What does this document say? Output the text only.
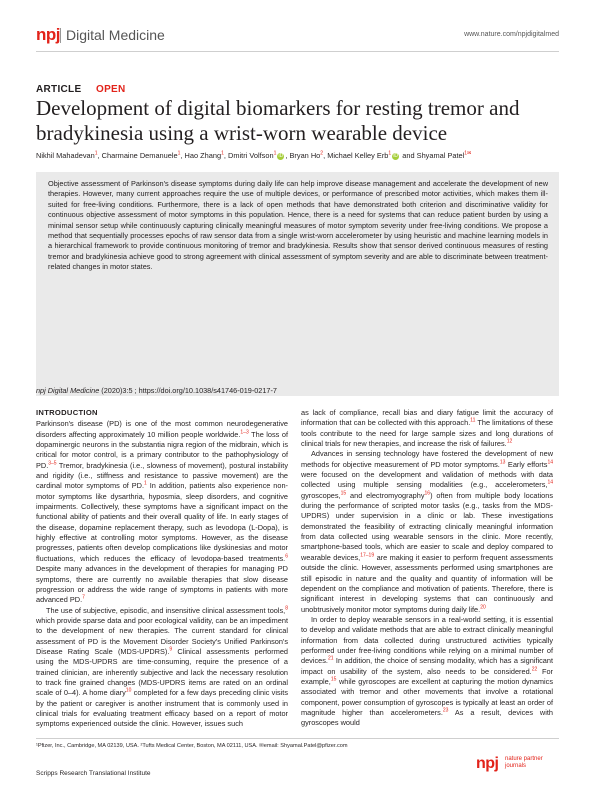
npj Digital Medicine	www.nature.com/npjdigitalmed
ARTICLE OPEN
Development of digital biomarkers for resting tremor and bradykinesia using a wrist-worn wearable device
Nikhil Mahadevan$^1$, Charmaine Demanuele$^1$, Hao Zhang$^1$, Dmitri Volfson$^1$ iD , Bryan Ho$^2$, Michael Kelley Erb$^1$ iD and Shyamal Patel$^{1✉}$
Objective assessment of Parkinson's disease symptoms during daily life can help improve disease management and accelerate the development of new therapies. However, many current approaches require the use of multiple devices, or performance of prescribed motor activities, which makes them ill-suited for free-living conditions. Furthermore, there is a lack of open methods that have demonstrated both criterion and discriminative validity for continuous objective assessment of motor symptoms in this population. Hence, there is a need for systems that can reduce patient burden by using a minimal sensor setup while continuously capturing clinically meaningful measures of motor symptom severity under free-living conditions. We propose a method that sequentially processes epochs of raw sensor data from a single wrist-worn accelerometer by using heuristic and machine learning models in a hierarchical framework to provide continuous monitoring of tremor and bradykinesia. Results show that sensor derived continuous measures of resting tremor and bradykinesia achieve good to strong agreement with clinical assessment of symptom severity and are able to discriminate between treatment-related changes in motor states.
npj Digital Medicine (2020)3:5 ; https://doi.org/10.1038/s41746-019-0217-7
INTRODUCTION

Parkinson's disease (PD) is one of the most common neurodegenerative disorders affecting approximately 10 million people worldwide.$^{1-3}$ The loss of dopaminergic neurons in the substantia nigra region of the midbrain, which is critical for motor control, is a primary contributor to the pathophysiology of PD.$^{3-5}$ Tremor, bradykinesia (i.e., slowness of movement), postural instability and rigidity (i.e., stiffness and resistance to passive movement) are the cardinal motor symptoms of PD.$^1$ In addition, patients also experience non-motor symptoms like dysarthria, hyposmia, sleep disorders, and cognitive impairments. Collectively, these symptoms have a significant impact on the functional ability of patients and their overall quality of life. In early stages of the disease, dopamine replacement therapy, such as levodopa (L-Dopa), is highly effective at controlling motor symptoms. However, as the disease progresses, patients often develop complications like dyskinesias and motor fluctuations, which reduces the efficacy of levodopa-based treatments.$^6$ Despite many advances in the development of therapies for managing PD symptoms, there are currently no available therapies that slow disease progression or address the wide range of symptoms in patients with more advanced PD.$^7$

The use of subjective, episodic, and insensitive clinical assessment tools,$^8$ which provide sparse data and poor ecological validity, can be an impediment to the development of new therapies. The current standard for clinical assessment of PD is the Movement Disorder Society's Unified Parkinson's Disease Rating Scale (MDS-UPDRS).$^9$ Clinical assessments performed using the MDS-UPDRS are time-consuming, require the presence of a trained clinician, are inherently subjective and lack the necessary resolution to track fine grained changes (MDS-UPDRS items are rated on an ordinal scale of 0–4). A home diary$^{10}$ completed for a few days preceding clinic visits by the patient or caregiver is another instrument that is commonly used in clinical trials for evaluating treatment efficacy based on a report of motor symptoms experienced outside the clinic. However, issues such

as lack of compliance, recall bias and diary fatigue limit the accuracy of information that can be collected with this approach.$^{11}$ The limitations of these tools contribute to the need for large sample sizes and long durations of clinical trials for new therapies, and increase the risk of failures.$^{12}$

Advances in sensing technology have fostered the development of new methods for objective measurement of PD motor symptoms.$^{13}$ Early efforts$^{14}$ were focused on the development and validation of methods with data collected using multiple sensing modalities (e.g., accelerometers,$^{14}$ gyroscopes,$^{15}$ and electromyography$^{16}$) often from multiple body locations during the performance of scripted motor tasks (e.g., tasks from the MDS-UPDRS) under supervision in a clinic or lab. These investigations demonstrated the feasibility of extracting clinically meaningful information from data collected using wearable sensors in the clinic. More recently, smartphone-based tools, which are easier to scale and deploy compared to wearable devices,$^{17-19}$ are making it easier to perform frequent assessments outside the clinic. However, assessments performed using smartphones are still episodic in nature and the quality and quantity of information will be dependent on the compliance and motivation of patients. Therefore, there is significant interest in developing systems that can continuously and unobtrusively monitor motor symptoms during daily life.$^{20}$

In order to deploy wearable sensors in a real-world setting, it is essential to develop and validate methods that are able to extract clinically meaningful information from data collected during unstructured activities typically performed under free-living conditions while relying on a minimal number of devices.$^{21}$ In addition, the choice of sensing modality, which has a significant impact on usability of the system, also needs to be considered.$^{22}$ For example,$^{15}$ while gyroscopes are excellent at capturing the motion dynamics associated with tremor and other movements that involve a rotational component, power consumption of gyroscopes is typically at least an order of magnitude higher than accelerometers.$^{23}$ As a result, devices with gyroscopes would

¹Pfizer, Inc., Cambridge, MA 02139, USA. ²Tufts Medical Center, Boston, MA 02111, USA. ✉email: Shyamal.Patel@pfizer.com
Scripps Research Translational Institute
npj nature partner
journals
